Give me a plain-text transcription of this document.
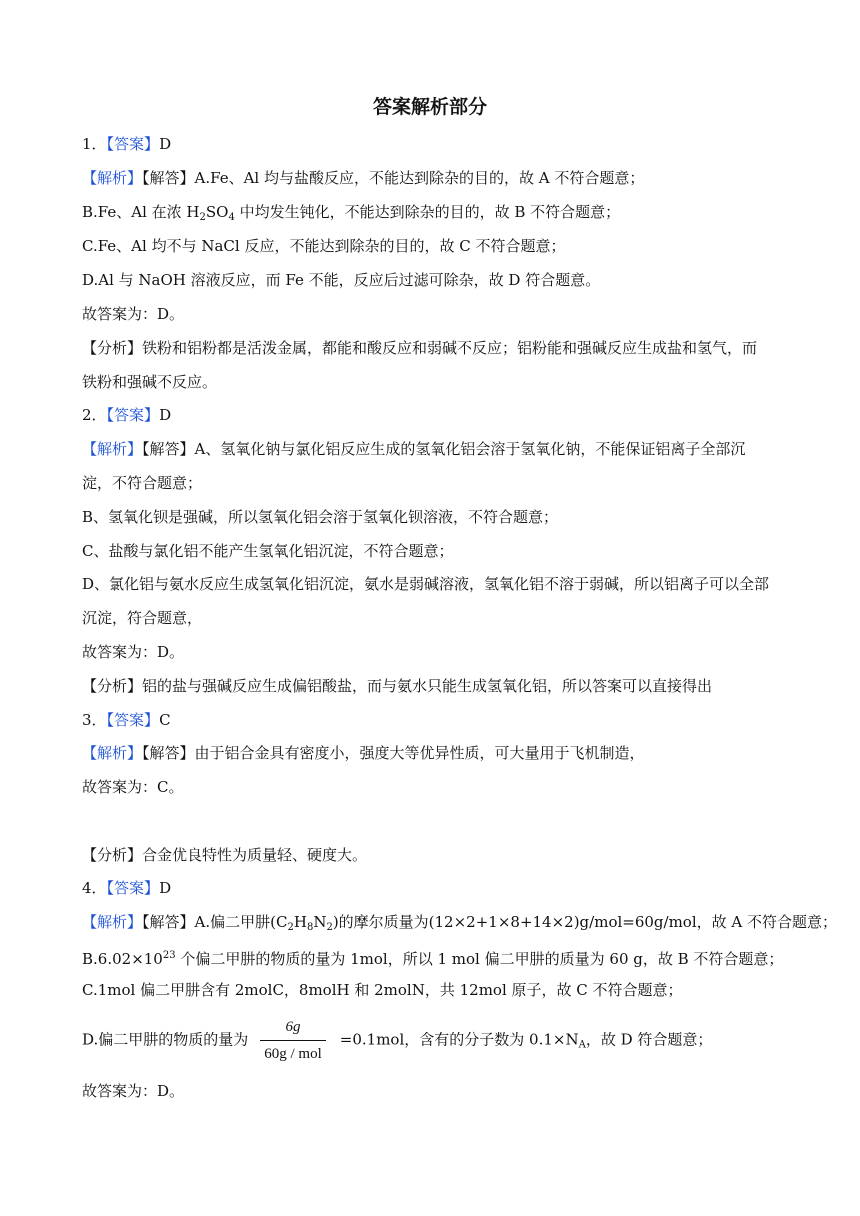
答案解析部分
1．【答案】D
【解析】【解答】A.Fe、Al 均与盐酸反应，不能达到除杂的目的，故 A 不符合题意；
B.Fe、Al 在浓 $H_2SO_4$ 中均发生钝化，不能达到除杂的目的，故 B 不符合题意；
C.Fe、Al 均不与 NaCl 反应，不能达到除杂的目的，故 C 不符合题意；
D.Al 与 NaOH 溶液反应，而 Fe 不能，反应后过滤可除杂，故 D 符合题意。
故答案为：D。
【分析】铁粉和铝粉都是活泼金属，都能和酸反应和弱碱不反应；铝粉能和强碱反应生成盐和氢气，而
铁粉和强碱不反应。
2．【答案】D
【解析】【解答】A、氢氧化钠与氯化铝反应生成的氢氧化铝会溶于氢氧化钠，不能保证铝离子全部沉
淀，不符合题意；
B、氢氧化钡是强碱，所以氢氧化铝会溶于氢氧化钡溶液，不符合题意；
C、盐酸与氯化铝不能产生氢氧化铝沉淀，不符合题意；
D、氯化铝与氨水反应生成氢氧化铝沉淀，氨水是弱碱溶液，氢氧化铝不溶于弱碱，所以铝离子可以全部
沉淀，符合题意，
故答案为：D。
【分析】铝的盐与强碱反应生成偏铝酸盐，而与氨水只能生成氢氧化铝，所以答案可以直接得出
3．【答案】C
【解析】【解答】由于铝合金具有密度小，强度大等优异性质，可大量用于飞机制造，
故答案为：C。
【分析】合金优良特性为质量轻、硬度大。
4．【答案】D
【解析】【解答】A.偏二甲肼$(C_2H_8N_2)$的摩尔质量为(12×2+1×8+14×2)g/mol=60g/mol，故 A 不符合题意；
$B.6.02\times 10^{23}$ 个偏二甲肼的物质的量为 1mol，所以 1 mol 偏二甲肼的质量为 60 g，故 B 不符合题意；
C.1mol 偏二甲肼含有 2molC，8molH 和 2molN，共 12mol 原子，故 C 不符合题意；
D.偏二甲肼的物质的量为 $\frac{6g}{\text{60g / mol}} =0.1mol$，含有的分子数为 $0.1\times N_A$，故 D 符合题意；
故答案为：D。
